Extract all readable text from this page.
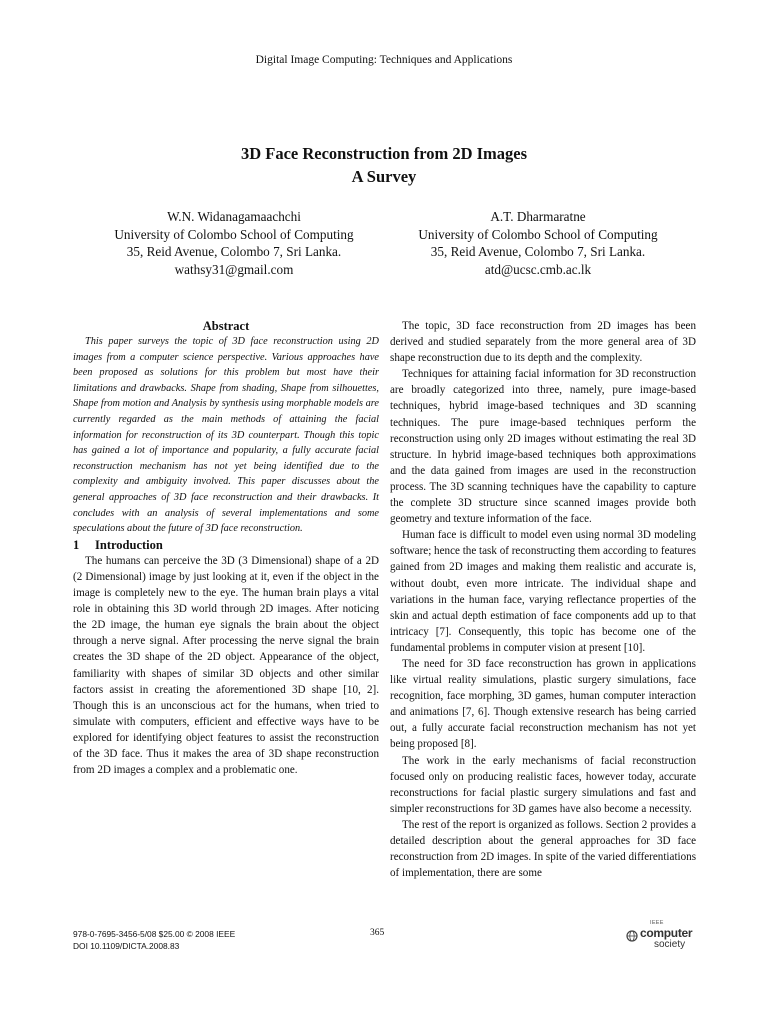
Digital Image Computing: Techniques and Applications
3D Face Reconstruction from 2D Images
A Survey
W.N. Widanagamaachchi
University of Colombo School of Computing
35, Reid Avenue, Colombo 7, Sri Lanka.
wathsy31@gmail.com
A.T. Dharmaratne
University of Colombo School of Computing
35, Reid Avenue, Colombo 7, Sri Lanka.
atd@ucsc.cmb.ac.lk

Abstract

This paper surveys the topic of 3D face reconstruction using 2D images from a computer science perspective. Various approaches have been proposed as solutions for this problem but most have their limitations and drawbacks. Shape from shading, Shape from silhouettes, Shape from motion and Analysis by synthesis using morphable models are currently regarded as the main methods of attaining the facial information for reconstruction of its 3D counterpart. Though this topic has gained a lot of importance and popularity, a fully accurate facial reconstruction mechanism has not yet being identified due to the complexity and ambiguity involved. This paper discusses about the general approaches of 3D face reconstruction and their drawbacks. It concludes with an analysis of several implementations and some speculations about the future of 3D face reconstruction.

1 Introduction

The humans can perceive the 3D (3 Dimensional) shape of a 2D (2 Dimensional) image by just looking at it, even if the object in the image is completely new to the eye. The human brain plays a vital role in obtaining this 3D world through 2D images. After noticing the 2D image, the human eye signals the brain about the object through a nerve signal. After processing the nerve signal the brain creates the 3D shape of the 2D object. Appearance of the object, familiarity with shapes of similar 3D objects and other similar factors assist in creating the aforementioned 3D shape [10, 2]. Though this is an unconscious act for the humans, when tried to simulate with computers, efficient and effective ways have to be explored for identifying object features to assist the reconstruction of the 3D face. Thus it makes the area of 3D shape reconstruction from 2D images a complex and a problematic one.

The topic, 3D face reconstruction from 2D images has been derived and studied separately from the more general area of 3D shape reconstruction due to its depth and the complexity.

Techniques for attaining facial information for 3D reconstruction are broadly categorized into three, namely, pure image-based techniques, hybrid image-based techniques and 3D scanning techniques. The pure image-based techniques perform the reconstruction using only 2D images without estimating the real 3D structure. In hybrid image-based techniques both approximations and the data gained from images are used in the reconstruction process. The 3D scanning techniques have the capability to capture the complete 3D structure since scanned images provide both geometry and texture information of the face.

Human face is difficult to model even using normal 3D modeling software; hence the task of reconstructing them according to features gained from 2D images and making them realistic and accurate is, without doubt, even more intricate. The individual shape and variations in the human face, varying reflectance properties of the skin and actual depth estimation of face components add up to that intricacy [7]. Consequently, this topic has become one of the fundamental problems in computer vision at present [10].

The need for 3D face reconstruction has grown in applications like virtual reality simulations, plastic surgery simulations, face recognition, face morphing, 3D games, human computer interaction and animations [7, 6]. Though extensive research has being carried out, a fully accurate facial reconstruction mechanism has not yet being proposed [8].

The work in the early mechanisms of facial reconstruction focused only on producing realistic faces, however today, accurate reconstructions for facial plastic surgery simulations and fast and simpler reconstructions for 3D games have also become a necessity.

The rest of the report is organized as follows. Section 2 provides a detailed description about the general approaches for 3D face reconstruction from 2D images. In spite of the varied differentiations of implementation, there are some

978-0-7695-3456-5/08 $25.00 © 2008 IEEE
DOI 10.1109/DICTA.2008.83
365
IEEE
computer
society
